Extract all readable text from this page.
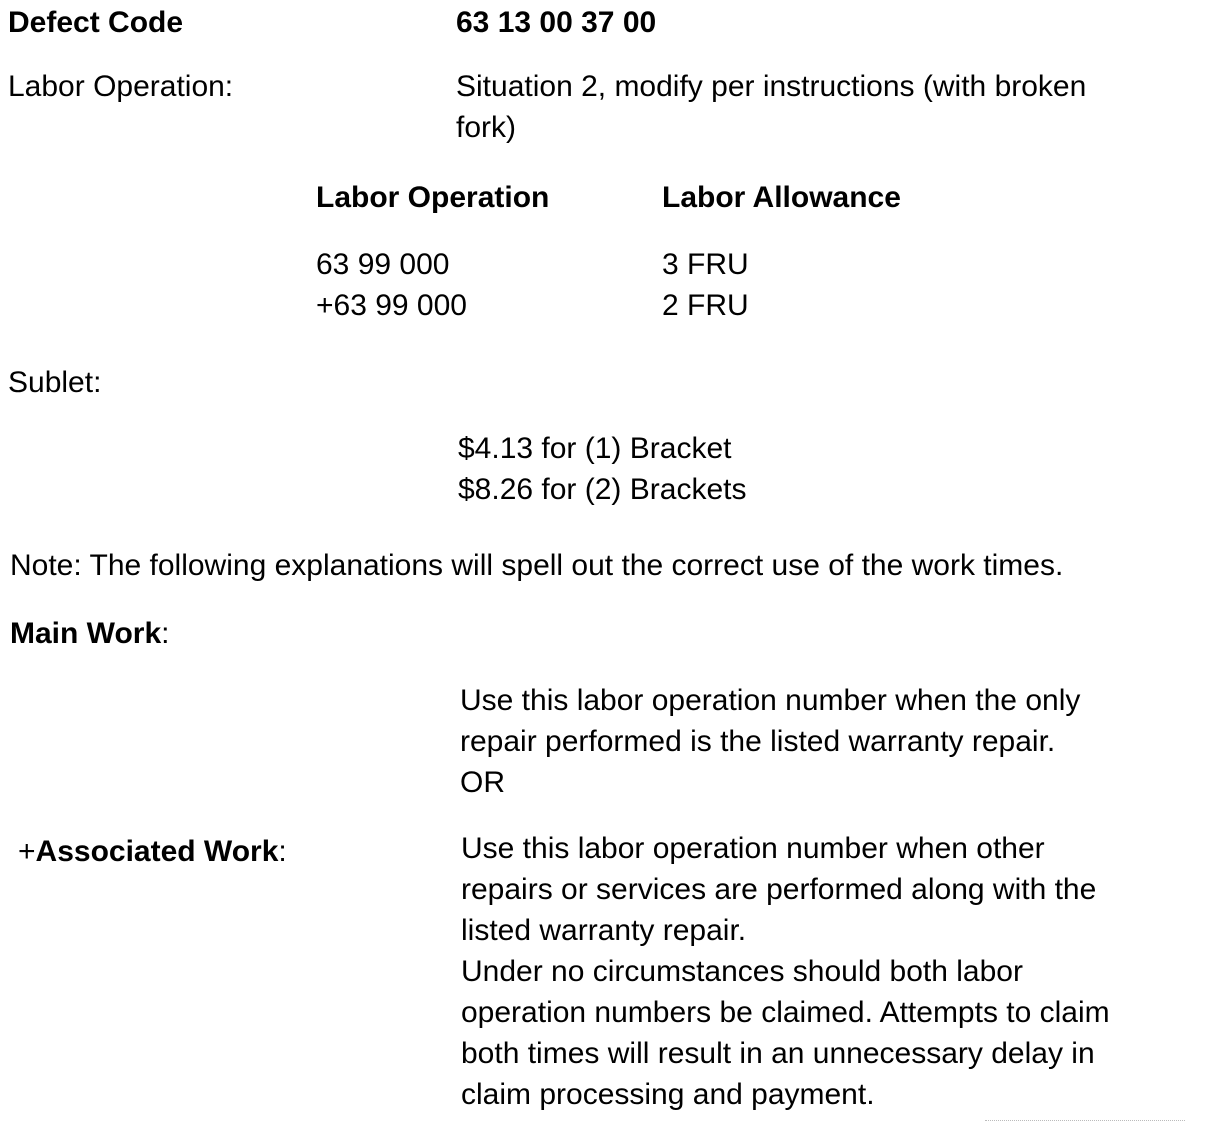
Defect Code	63 13 00 37 00
Labor Operation:	Situation 2, modify per instructions (with broken
fork)
Labor Operation	Labor Allowance
63 99 000	3 FRU
+63 99 000	2 FRU
Sublet:
$4.13 for (1) Bracket
$8.26 for (2) Brackets
Note: The following explanations will spell out the correct use of the work times.
Main Work:
Use this labor operation number when the only
repair performed is the listed warranty repair.
OR
+Associated Work:	Use this labor operation number when other
repairs or services are performed along with the
listed warranty repair.
Under no circumstances should both labor
operation numbers be claimed. Attempts to claim
both times will result in an unnecessary delay in
claim processing and payment.
